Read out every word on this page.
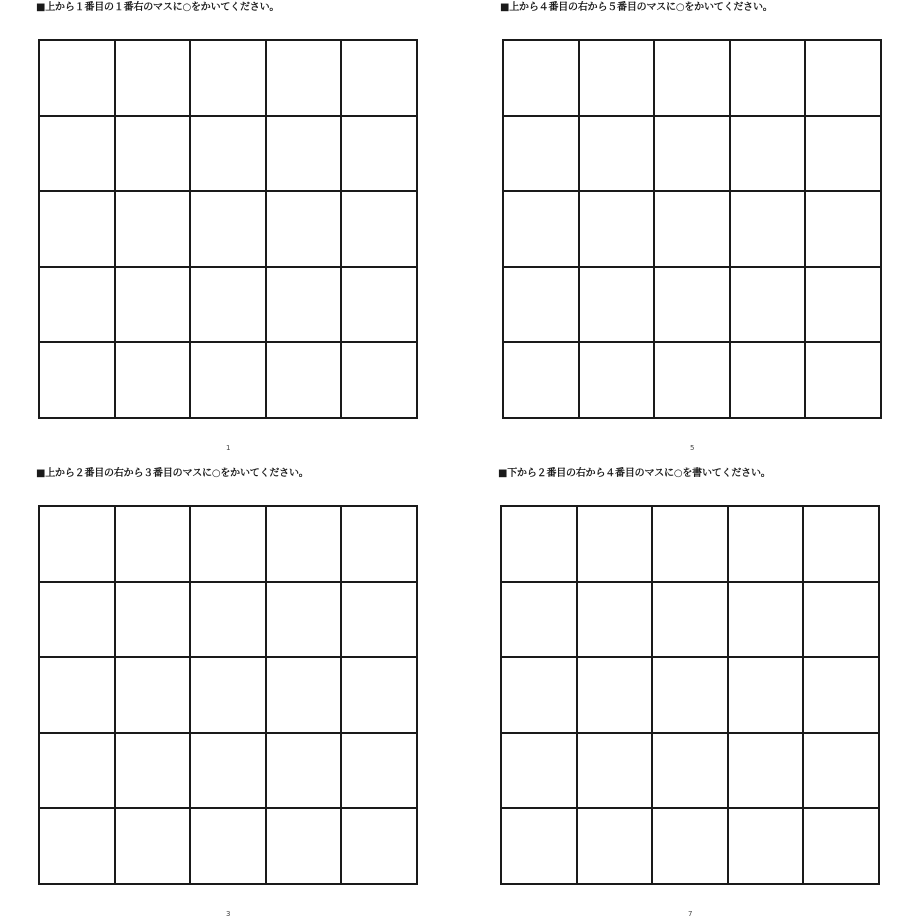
■上から１番目の１番右のマスに○をかいてください。
1
■上から４番目の右から５番目のマスに○をかいてください。
5
■上から２番目の右から３番目のマスに○をかいてください。
3
■下から２番目の右から４番目のマスに○を書いてください。
7
